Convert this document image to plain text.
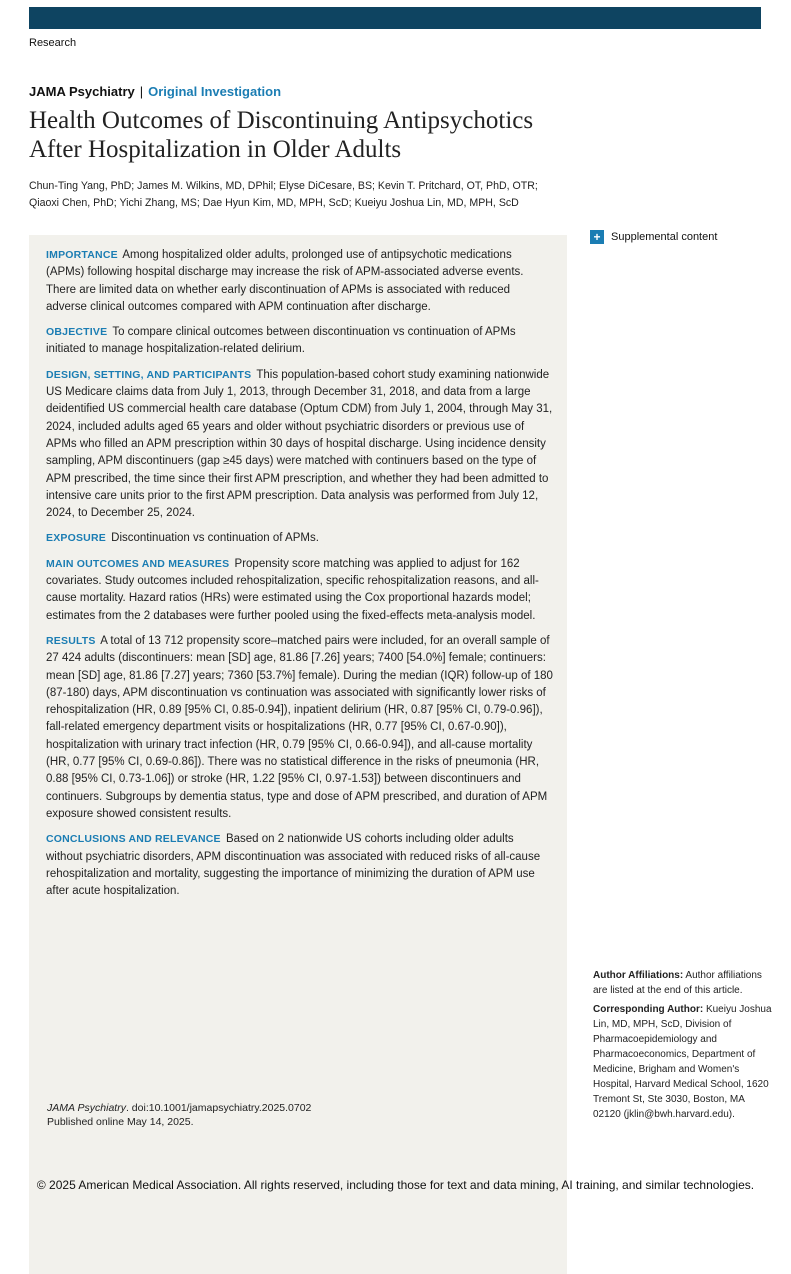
Research
JAMA Psychiatry | Original Investigation
Health Outcomes of Discontinuing Antipsychotics After Hospitalization in Older Adults
Chun-Ting Yang, PhD; James M. Wilkins, MD, DPhil; Elyse DiCesare, BS; Kevin T. Pritchard, OT, PhD, OTR; Qiaoxi Chen, PhD; Yichi Zhang, MS; Dae Hyun Kim, MD, MPH, ScD; Kueiyu Joshua Lin, MD, MPH, ScD

IMPORTANCE Among hospitalized older adults, prolonged use of antipsychotic medications (APMs) following hospital discharge may increase the risk of APM-associated adverse events. There are limited data on whether early discontinuation of APMs is associated with reduced adverse clinical outcomes compared with APM continuation after discharge.

OBJECTIVE To compare clinical outcomes between discontinuation vs continuation of APMs initiated to manage hospitalization-related delirium.

DESIGN, SETTING, AND PARTICIPANTS This population-based cohort study examining nationwide US Medicare claims data from July 1, 2013, through December 31, 2018, and data from a large deidentified US commercial health care database (Optum CDM) from July 1, 2004, through May 31, 2024, included adults aged 65 years and older without psychiatric disorders or previous use of APMs who filled an APM prescription within 30 days of hospital discharge. Using incidence density sampling, APM discontinuers (gap ≥45 days) were matched with continuers based on the type of APM prescribed, the time since their first APM prescription, and whether they had been admitted to intensive care units prior to the first APM prescription. Data analysis was performed from July 12, 2024, to December 25, 2024.

EXPOSURE Discontinuation vs continuation of APMs.

MAIN OUTCOMES AND MEASURES Propensity score matching was applied to adjust for 162 covariates. Study outcomes included rehospitalization, specific rehospitalization reasons, and all-cause mortality. Hazard ratios (HRs) were estimated using the Cox proportional hazards model; estimates from the 2 databases were further pooled using the fixed-effects meta-analysis model.

RESULTS A total of 13 712 propensity score–matched pairs were included, for an overall sample of 27 424 adults (discontinuers: mean [SD] age, 81.86 [7.26] years; 7400 [54.0%] female; continuers: mean [SD] age, 81.86 [7.27] years; 7360 [53.7%] female). During the median (IQR) follow-up of 180 (87-180) days, APM discontinuation vs continuation was associated with significantly lower risks of rehospitalization (HR, 0.89 [95% CI, 0.85-0.94]), inpatient delirium (HR, 0.87 [95% CI, 0.79-0.96]), fall-related emergency department visits or hospitalizations (HR, 0.77 [95% CI, 0.67-0.90]), hospitalization with urinary tract infection (HR, 0.79 [95% CI, 0.66-0.94]), and all-cause mortality (HR, 0.77 [95% CI, 0.69-0.86]). There was no statistical difference in the risks of pneumonia (HR, 0.88 [95% CI, 0.73-1.06]) or stroke (HR, 1.22 [95% CI, 0.97-1.53]) between discontinuers and continuers. Subgroups by dementia status, type and dose of APM prescribed, and duration of APM exposure showed consistent results.

CONCLUSIONS AND RELEVANCE Based on 2 nationwide US cohorts including older adults without psychiatric disorders, APM discontinuation was associated with reduced risks of all-cause rehospitalization and mortality, suggesting the importance of minimizing the duration of APM use after acute hospitalization.

JAMA Psychiatry. doi:10.1001/jamapsychiatry.2025.0702
Published online May 14, 2025.
+ Supplemental content

Author Affiliations: Author affiliations are listed at the end of this article.

Corresponding Author: Kueiyu Joshua Lin, MD, MPH, ScD, Division of Pharmacoepidemiology and Pharmacoeconomics, Department of Medicine, Brigham and Women's Hospital, Harvard Medical School, 1620 Tremont St, Ste 3030, Boston, MA 02120 (jklin@bwh.harvard.edu).

© 2025 American Medical Association. All rights reserved, including those for text and data mining, AI training, and similar technologies.
